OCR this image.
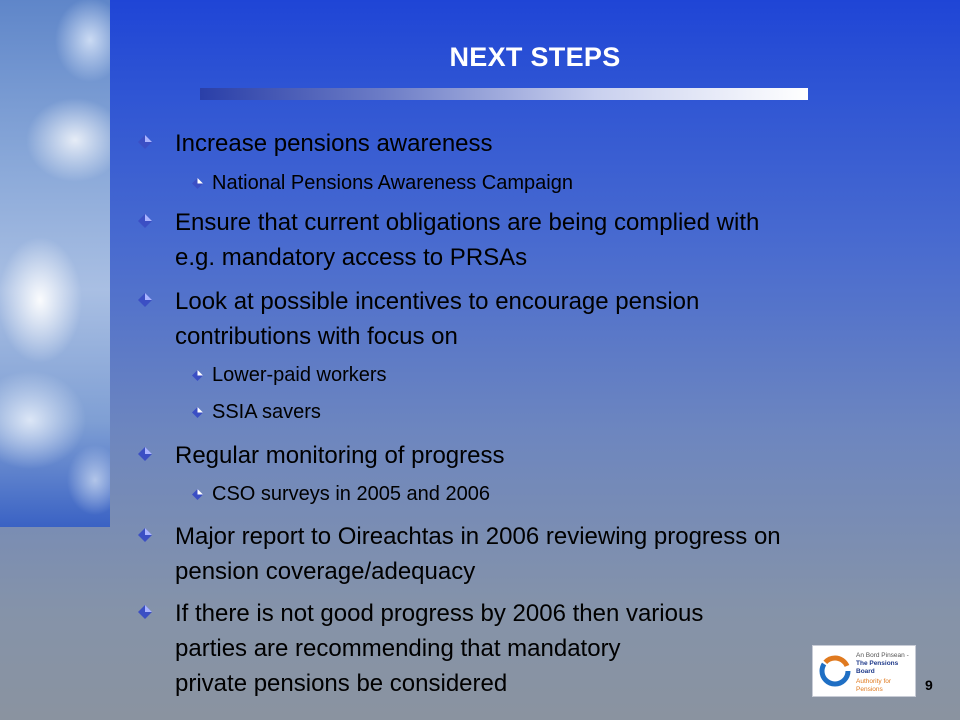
NEXT STEPS
Increase pensions awareness
National Pensions Awareness Campaign
Ensure that current obligations are being complied with
e.g. mandatory access to PRSAs
Look at possible incentives to encourage pension
contributions with focus on
Lower-paid workers
SSIA savers
Regular monitoring of progress
CSO surveys in 2005 and 2006
Major report to Oireachtas in 2006 reviewing progress on
pension coverage/adequacy
If there is not good progress by 2006 then various
parties are recommending that mandatory
private pensions be considered
An Bord Pinsean -
The Pensions Board
Authority for Pensions	9
